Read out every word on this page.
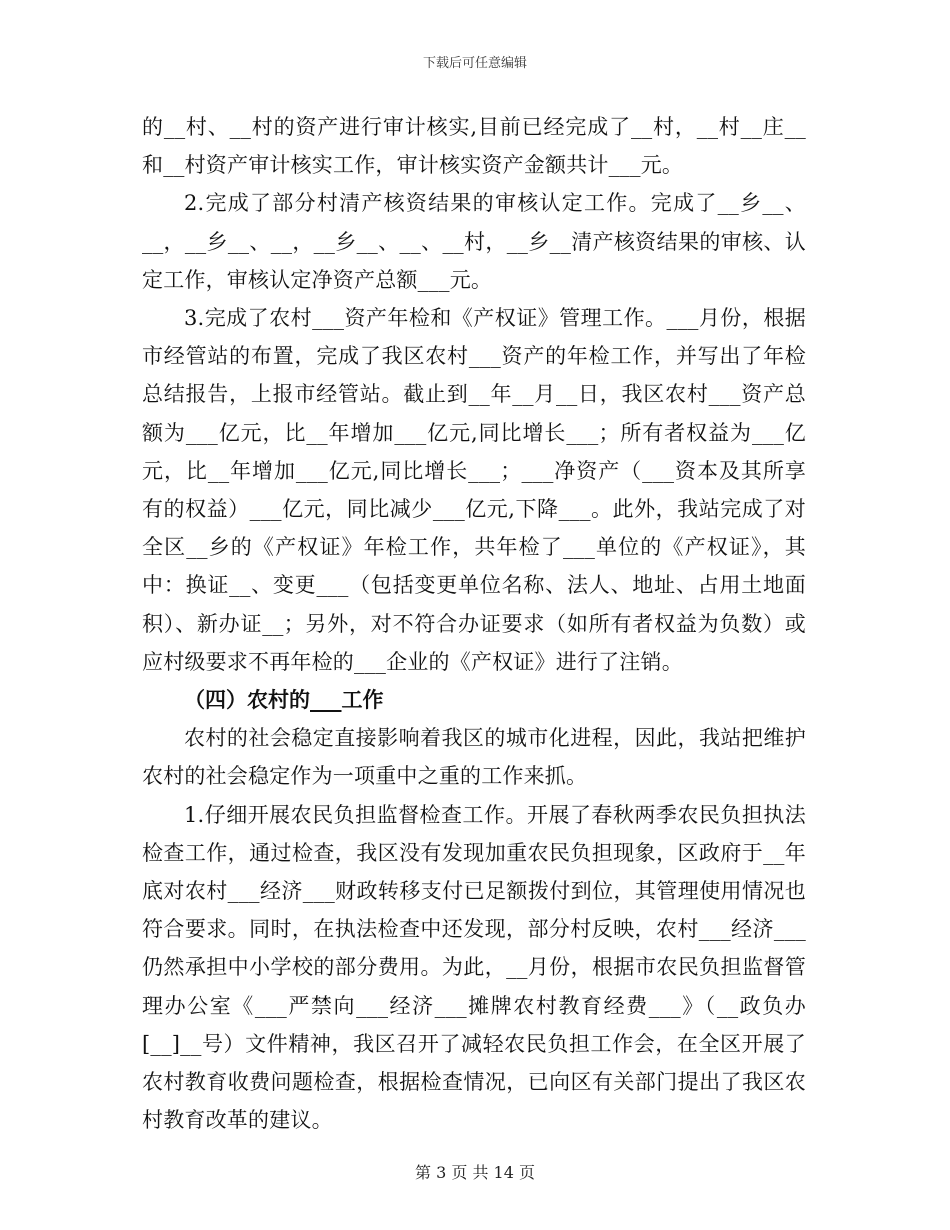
下载后可任意编辑

的__村、__村的资产进行审计核实,目前已经完成了__村，__村__庄__和__村资产审计核实工作，审计核实资产金额共计___元。

2.完成了部分村清产核资结果的审核认定工作。完成了__乡__、__，__乡__、__，__乡__、__、__村，__乡__清产核资结果的审核、认定工作，审核认定净资产总额___元。

3.完成了农村___资产年检和《产权证》管理工作。___月份，根据市经管站的布置，完成了我区农村___资产的年检工作，并写出了年检总结报告，上报市经管站。截止到__年__月__日，我区农村___资产总额为___亿元，比__年增加___亿元,同比增长___；所有者权益为___亿元，比__年增加___亿元,同比增长___；___净资产（___资本及其所享有的权益）___亿元，同比减少___亿元,下降___。此外，我站完成了对全区__乡的《产权证》年检工作，共年检了___单位的《产权证》，其中：换证__、变更___（包括变更单位名称、法人、地址、占用土地面积）、新办证__；另外，对不符合办证要求（如所有者权益为负数）或应村级要求不再年检的___企业的《产权证》进行了注销。

（四）农村的___工作

农村的社会稳定直接影响着我区的城市化进程，因此，我站把维护农村的社会稳定作为一项重中之重的工作来抓。

1.仔细开展农民负担监督检查工作。开展了春秋两季农民负担执法检查工作，通过检查，我区没有发现加重农民负担现象，区政府于__年底对农村___经济___财政转移支付已足额拨付到位，其管理使用情况也符合要求。同时，在执法检查中还发现，部分村反映，农村___经济___仍然承担中小学校的部分费用。为此，__月份，根据市农民负担监督管理办公室《___严禁向___经济___摊牌农村教育经费___》（__政负办[__]__号）文件精神，我区召开了减轻农民负担工作会，在全区开展了农村教育收费问题检查，根据检查情况，已向区有关部门提出了我区农村教育改革的建议。

第 3 页 共 14 页
